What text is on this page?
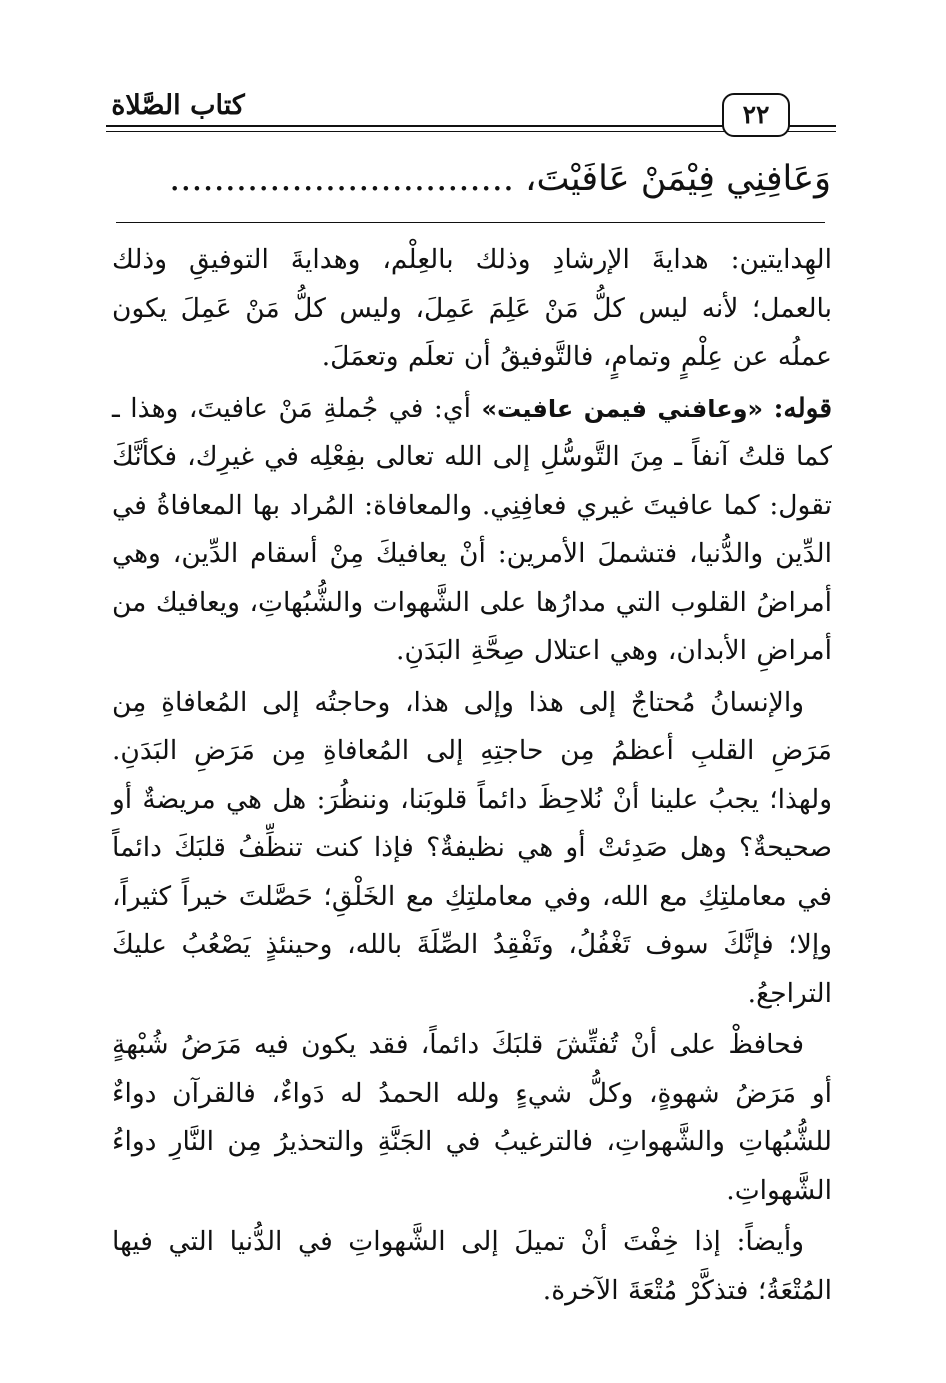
كتاب الصَّلاة	٢٢
وَعَافِنِي فِيْمَنْ عَافَيْتَ، ...............................

الهِدايتين: هدايةَ الإرشادِ وذلك بالعِلْم، وهدايةَ التوفيقِ وذلك بالعمل؛ لأنه ليس كلُّ مَنْ عَلِمَ عَمِلَ، وليس كلُّ مَنْ عَمِلَ يكون عملُه عن عِلْمٍ وتمامٍ، فالتَّوفيقُ أن تعلَم وتعمَلَ.

قوله: «وعافني فيمن عافيت» أي: في جُملةِ مَنْ عافيتَ، وهذا ـ كما قلتُ آنفاً ـ مِنَ التَّوسُّلِ إلى الله تعالى بفِعْلِه في غيرِك، فكأنَّكَ تقول: كما عافيتَ غيري فعافِنِي. والمعافاة: المُراد بها المعافاةُ في الدِّين والدُّنيا، فتشملَ الأمرين: أنْ يعافيكَ مِنْ أسقام الدِّين، وهي أمراضُ القلوب التي مدارُها على الشَّهوات والشُّبُهاتِ، ويعافيك من أمراضِ الأبدان، وهي اعتلال صِحَّةِ البَدَنِ.

والإنسانُ مُحتاجٌ إلى هذا وإلى هذا، وحاجتُه إلى المُعافاةِ مِن مَرَضِ القلبِ أعظمُ مِن حاجتِهِ إلى المُعافاةِ مِن مَرَضِ البَدَنِ. ولهذا؛ يجبُ علينا أنْ نُلاحِظَ دائماً قلوبَنا، وننظُرَ: هل هي مريضةٌ أو صحيحةٌ؟ وهل صَدِئتْ أو هي نظيفةٌ؟ فإذا كنت تنظِّفُ قلبَكَ دائماً في معاملتِكِ مع الله، وفي معاملتِكِ مع الخَلْقِ؛ حَصَّلتَ خيراً كثيراً، وإلا؛ فإنَّكَ سوف تَغْفُلُ، وتَفْقِدُ الصِّلَةَ بالله، وحينئذٍ يَصْعُبُ عليكَ التراجعُ.

فحافظْ على أنْ تُفتِّشَ قلبَكَ دائماً، فقد يكون فيه مَرَضُ شُبْهةٍ أو مَرَضُ شهوةٍ، وكلُّ شيءٍ ولله الحمدُ له دَواءٌ، فالقرآن دواءٌ للشُّبُهاتِ والشَّهواتِ، فالترغيبُ في الجَنَّةِ والتحذيرُ مِن النَّارِ دواءُ الشَّهواتِ.

وأيضاً: إذا خِفْتَ أنْ تميلَ إلى الشَّهواتِ في الدُّنيا التي فيها المُتْعَةُ؛ فتذكَّرْ مُتْعَةَ الآخرة.
